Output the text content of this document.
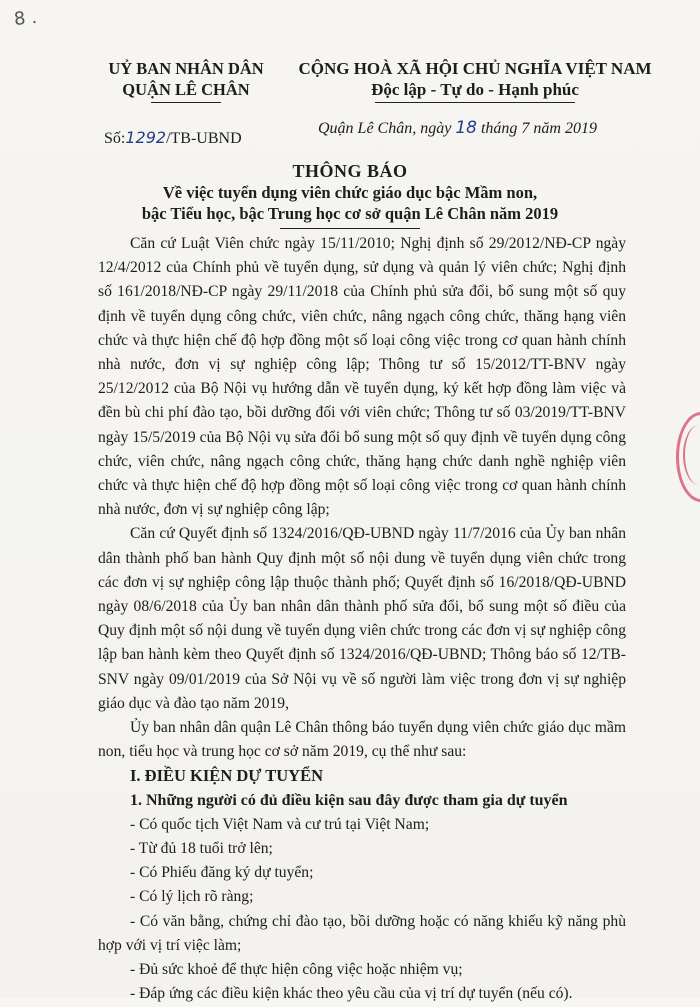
8 .
UỶ BAN NHÂN DÂN
QUẬN LÊ CHÂN
CỘNG HOÀ XÃ HỘI CHỦ NGHĨA VIỆT NAM
Độc lập - Tự do - Hạnh phúc
Số:1292/TB-UBND
Quận Lê Chân, ngày 18 tháng 7 năm 2019
THÔNG BÁO
Về việc tuyển dụng viên chức giáo dục bậc Mầm non,
bậc Tiểu học, bậc Trung học cơ sở quận Lê Chân năm 2019

Căn cứ Luật Viên chức ngày 15/11/2010; Nghị định số 29/2012/NĐ-CP ngày 12/4/2012 của Chính phủ về tuyển dụng, sử dụng và quản lý viên chức; Nghị định số 161/2018/NĐ-CP ngày 29/11/2018 của Chính phủ sửa đổi, bổ sung một số quy định về tuyển dụng công chức, viên chức, nâng ngạch công chức, thăng hạng viên chức và thực hiện chế độ hợp đồng một số loại công việc trong cơ quan hành chính nhà nước, đơn vị sự nghiệp công lập; Thông tư số 15/2012/TT-BNV ngày 25/12/2012 của Bộ Nội vụ hướng dẫn về tuyển dụng, ký kết hợp đồng làm việc và đền bù chi phí đào tạo, bồi dưỡng đối với viên chức; Thông tư số 03/2019/TT-BNV ngày 15/5/2019 của Bộ Nội vụ sửa đổi bổ sung một số quy định về tuyển dụng công chức, viên chức, nâng ngạch công chức, thăng hạng chức danh nghề nghiệp viên chức và thực hiện chế độ hợp đồng một số loại công việc trong cơ quan hành chính nhà nước, đơn vị sự nghiệp công lập;

Căn cứ Quyết định số 1324/2016/QĐ-UBND ngày 11/7/2016 của Ủy ban nhân dân thành phố ban hành Quy định một số nội dung về tuyển dụng viên chức trong các đơn vị sự nghiệp công lập thuộc thành phố; Quyết định số 16/2018/QĐ-UBND ngày 08/6/2018 của Ủy ban nhân dân thành phố sửa đổi, bổ sung một số điều của Quy định một số nội dung về tuyển dụng viên chức trong các đơn vị sự nghiệp công lập ban hành kèm theo Quyết định số 1324/2016/QĐ-UBND; Thông báo số 12/TB-SNV ngày 09/01/2019 của Sở Nội vụ về số người làm việc trong đơn vị sự nghiệp giáo dục và đào tạo năm 2019,

Ủy ban nhân dân quận Lê Chân thông báo tuyển dụng viên chức giáo dục mầm non, tiểu học và trung học cơ sở năm 2019, cụ thể như sau:

I. ĐIỀU KIỆN DỰ TUYỂN
1. Những người có đủ điều kiện sau đây được tham gia dự tuyển
- Có quốc tịch Việt Nam và cư trú tại Việt Nam;
- Từ đủ 18 tuổi trở lên;
- Có Phiếu đăng ký dự tuyển;
- Có lý lịch rõ ràng;
- Có văn bằng, chứng chỉ đào tạo, bồi dưỡng hoặc có năng khiếu kỹ năng phù hợp với vị trí việc làm;
- Đủ sức khoẻ để thực hiện công việc hoặc nhiệm vụ;
- Đáp ứng các điều kiện khác theo yêu cầu của vị trí dự tuyển (nếu có).
